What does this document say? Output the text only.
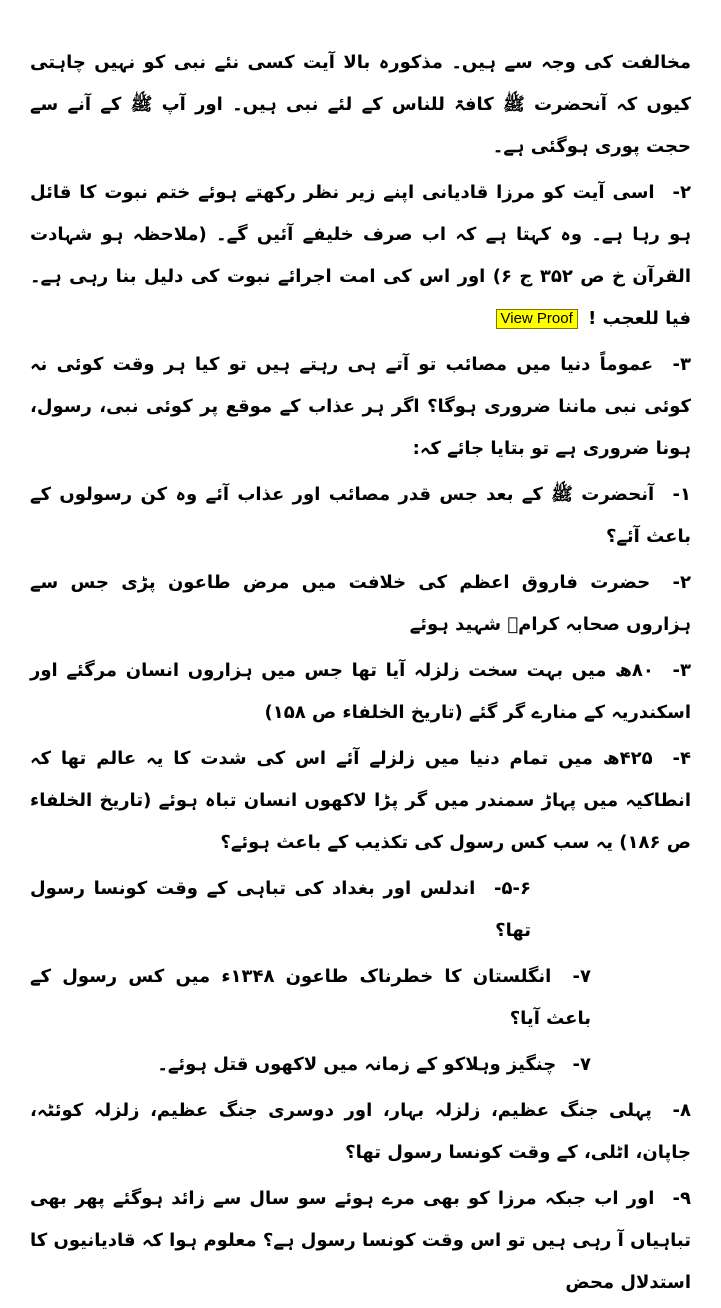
مخالفت کی وجہ سے ہیں۔ مذکورہ بالا آیت کسی نئے نبی کو نہیں چاہتی کیوں کہ آنحضرت ﷺ کافۃ للناس کے لئے نبی ہیں۔ اور آپ ﷺ کے آنے سے حجت پوری ہوگئی ہے۔

۲- اسی آیت کو مرزا قادیانی اپنے زیر نظر رکھتے ہوئے ختم نبوت کا قائل ہو رہا ہے۔ وہ کہتا ہے کہ اب صرف خلیفے آئیں گے۔ (ملاحظہ ہو شہادت القرآن خ ص ۳۵۲ ج ۶) اور اس کی امت اجرائے نبوت کی دلیل بنا رہی ہے۔ فیا للعجب ! View Proof

۳- عموماً دنیا میں مصائب تو آتے ہی رہتے ہیں تو کیا ہر وقت کوئی نہ کوئی نبی ماننا ضروری ہوگا؟ اگر ہر عذاب کے موقع پر کوئی نبی، رسول، ہونا ضروری ہے تو بتایا جائے کہ:

۱- آنحضرت ﷺ کے بعد جس قدر مصائب اور عذاب آئے وہ کن رسولوں کے باعث آئے؟

۲- حضرت فاروق اعظم کی خلافت میں مرض طاعون پڑی جس سے ہزاروں صحابہ کرامؓ شہید ہوئے

۳- ۸۰ھ میں بہت سخت زلزلہ آیا تھا جس میں ہزاروں انسان مرگئے اور اسکندریہ کے منارے گر گئے (تاریخ الخلفاء ص ۱۵۸)

۴- ۴۲۵ھ میں تمام دنیا میں زلزلے آئے اس کی شدت کا یہ عالم تھا کہ انطاکیہ میں پہاڑ سمندر میں گر پڑا لاکھوں انسان تباہ ہوئے (تاریخ الخلفاء ص ۱۸۶) یہ سب کس رسول کی تکذیب کے باعث ہوئے؟

۵-۶- اندلس اور بغداد کی تباہی کے وقت کونسا رسول تھا؟

۷- انگلستان کا خطرناک طاعون ۱۳۴۸ء میں کس رسول کے باعث آیا؟

۷- چنگیز وہلاکو کے زمانہ میں لاکھوں قتل ہوئے۔

۸- پہلی جنگ عظیم، زلزلہ بہار، اور دوسری جنگ عظیم، زلزلہ کوئٹہ، جاپان، اٹلی، کے وقت کونسا رسول تھا؟

۹- اور اب جبکہ مرزا کو بھی مرے ہوئے سو سال سے زائد ہوگئے پھر بھی تباہیاں آ رہی ہیں تو اس وقت کونسا رسول ہے؟ معلوم ہوا کہ قادیانیوں کا استدلال محض
